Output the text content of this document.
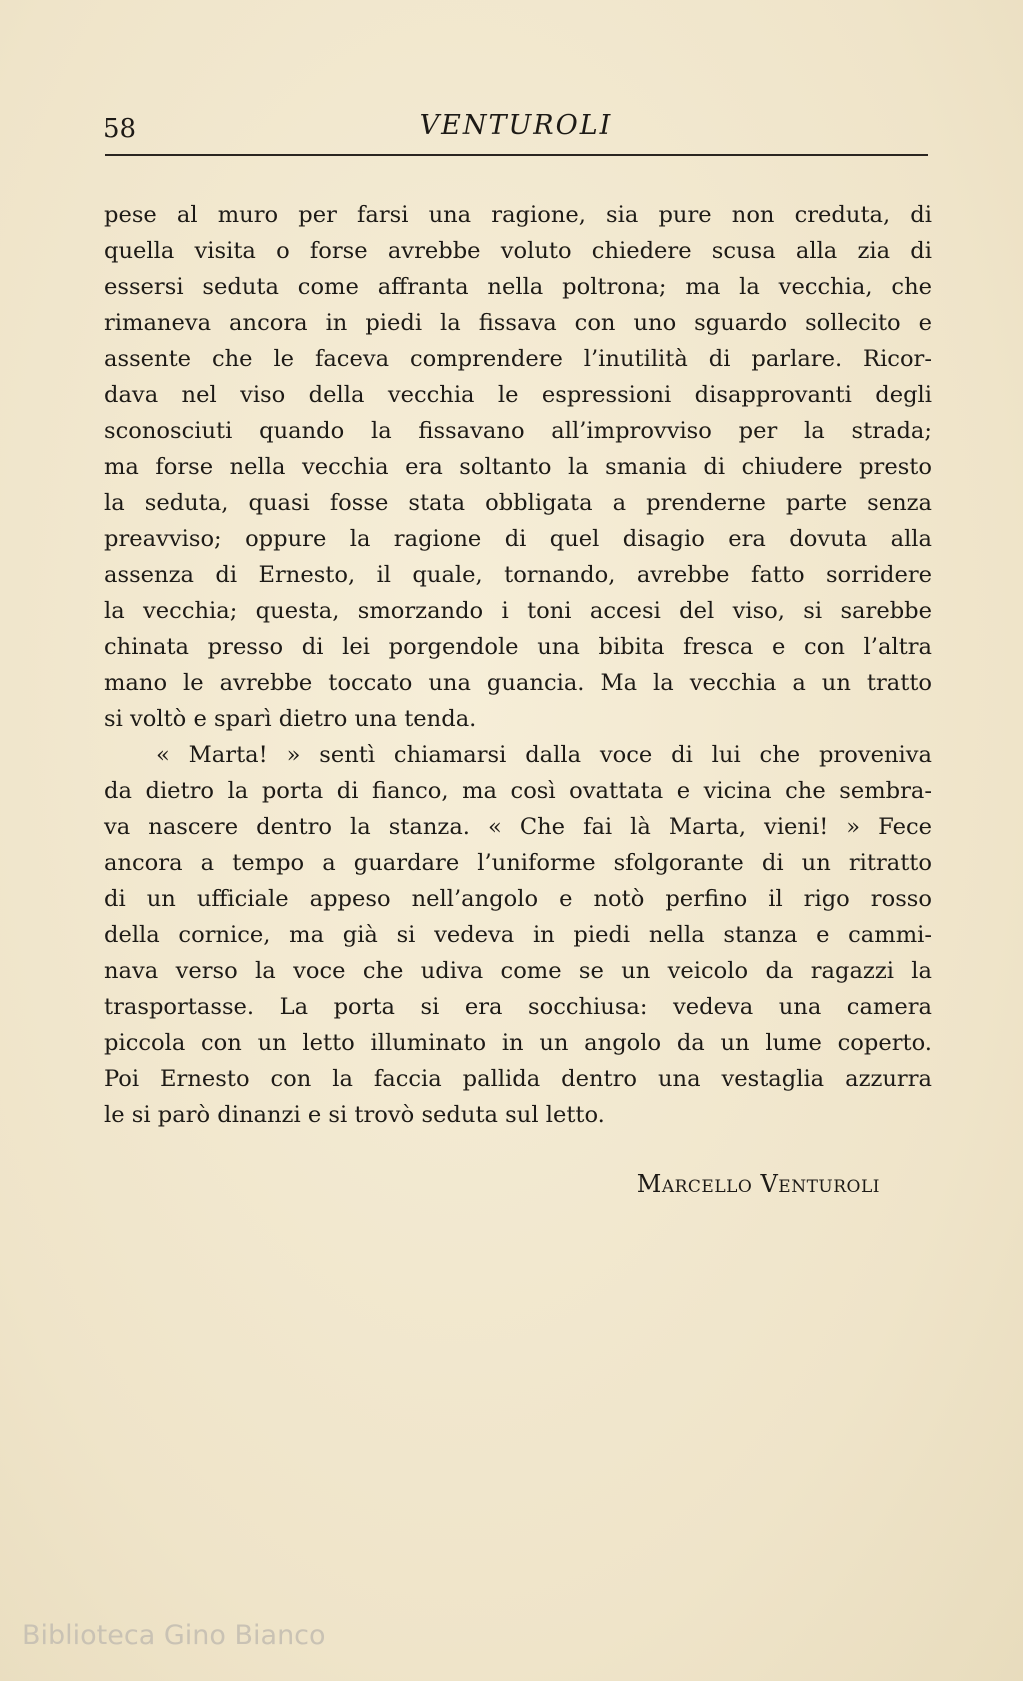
58	VENTUROLI
pese al muro per farsi una ragione, sia pure non creduta, di
quella visita o forse avrebbe voluto chiedere scusa alla zia di
essersi seduta come affranta nella poltrona; ma la vecchia, che
rimaneva ancora in piedi la fissava con uno sguardo sollecito e
assente che le faceva comprendere l’inutilità di parlare. Ricor-
dava nel viso della vecchia le espressioni disapprovanti degli
sconosciuti quando la fissavano all’improvviso per la strada;
ma forse nella vecchia era soltanto la smania di chiudere presto
la seduta, quasi fosse stata obbligata a prenderne parte senza
preavviso; oppure la ragione di quel disagio era dovuta alla
assenza di Ernesto, il quale, tornando, avrebbe fatto sorridere
la vecchia; questa, smorzando i toni accesi del viso, si sarebbe
chinata presso di lei porgendole una bibita fresca e con l’altra
mano le avrebbe toccato una guancia. Ma la vecchia a un tratto
si voltò e sparì dietro una tenda.
« Marta! » sentì chiamarsi dalla voce di lui che proveniva
da dietro la porta di fianco, ma così ovattata e vicina che sembra-
va nascere dentro la stanza. « Che fai là Marta, vieni! » Fece
ancora a tempo a guardare l’uniforme sfolgorante di un ritratto
di un ufficiale appeso nell’angolo e notò perfino il rigo rosso
della cornice, ma già si vedeva in piedi nella stanza e cammi-
nava verso la voce che udiva come se un veicolo da ragazzi la
trasportasse. La porta si era socchiusa: vedeva una camera
piccola con un letto illuminato in un angolo da un lume coperto.
Poi Ernesto con la faccia pallida dentro una vestaglia azzurra
le si parò dinanzi e si trovò seduta sul letto.
Marcello Venturoli
Biblioteca Gino Bianco
